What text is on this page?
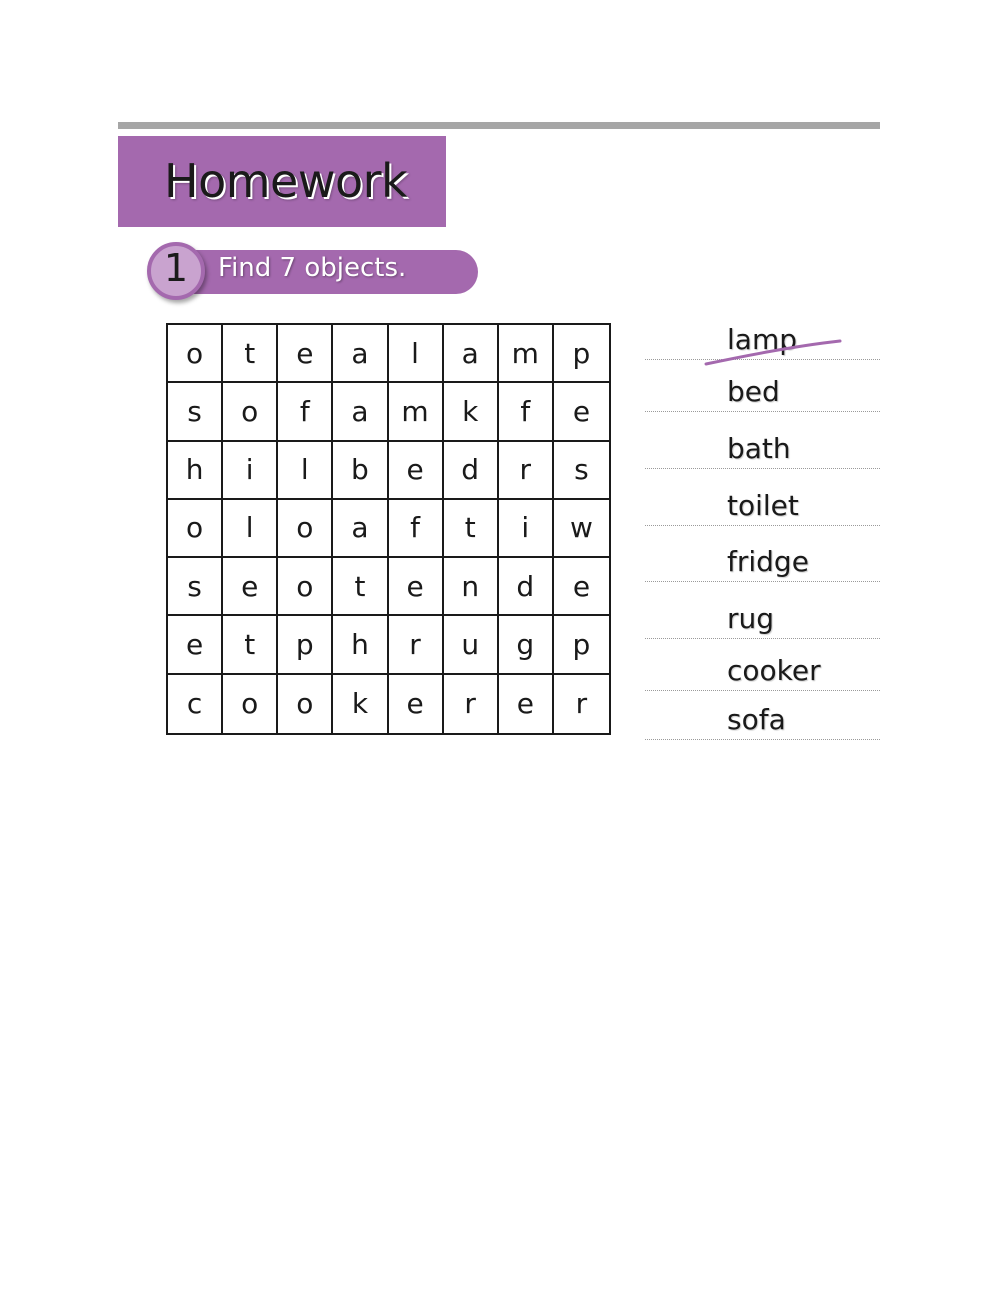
Homework
Find 7 objects.
1
o	t	e	a	l	a	m	p
s	o	f	a	m	k	f	e
h	i	l	b	e	d	r	s
o	l	o	a	f	t	i	w
s	e	o	t	e	n	d	e
e	t	p	h	r	u	g	p
c	o	o	k	e	r	e	r
lamp
bed
bath
toilet
fridge
rug
cooker
sofa
